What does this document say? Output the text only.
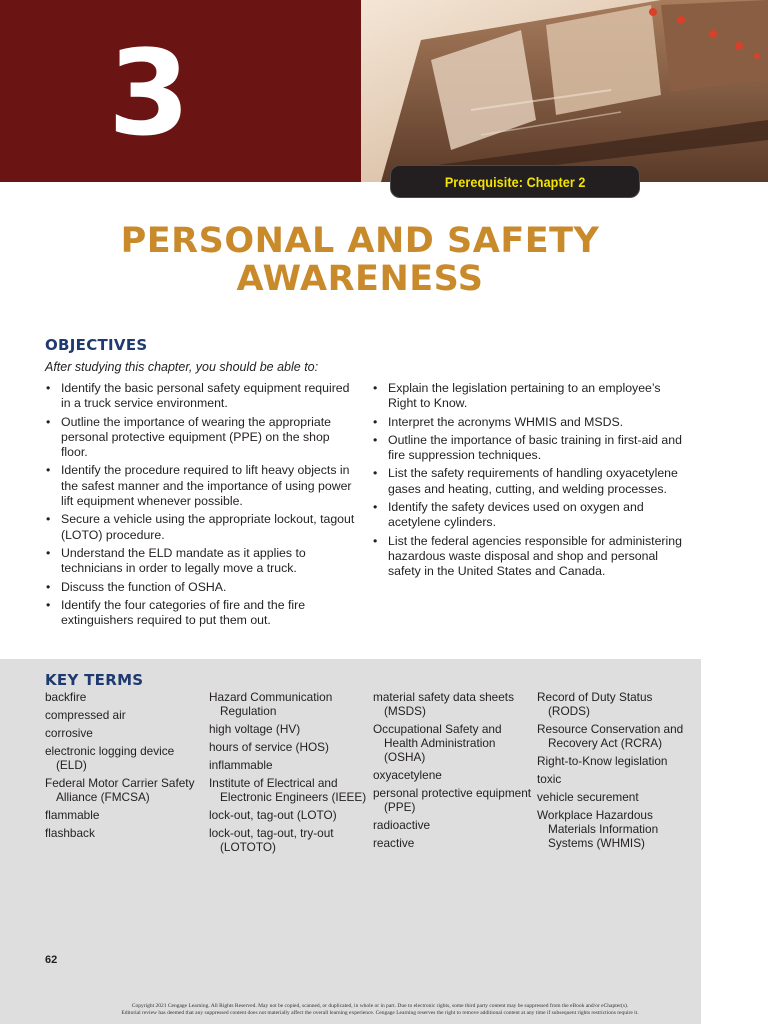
3
Prerequisite: Chapter 2
PERSONAL AND SAFETY
AWARENESS
OBJECTIVES
After studying this chapter, you should be able to:
• Identify the basic personal safety equipment required in a truck service environment.
• Outline the importance of wearing the appropriate personal protective equipment (PPE) on the shop floor.
• Identify the procedure required to lift heavy objects in the safest manner and the importance of using power lift equipment whenever possible.
• Secure a vehicle using the appropriate lockout, tagout (LOTO) procedure.
• Understand the ELD mandate as it applies to technicians in order to legally move a truck.
• Discuss the function of OSHA.
• Identify the four categories of fire and the fire extinguishers required to put them out.
• Explain the legislation pertaining to an employee’s Right to Know.
• Interpret the acronyms WHMIS and MSDS.
• Outline the importance of basic training in first-aid and fire suppression techniques.
• List the safety requirements of handling oxyacetylene gases and heating, cutting, and welding processes.
• Identify the safety devices used on oxygen and acetylene cylinders.
• List the federal agencies responsible for administering hazardous waste disposal and shop and personal safety in the United States and Canada.
KEY TERMS
backfire
compressed air
corrosive
electronic logging device (ELD)
Federal Motor Carrier Safety Alliance (FMCSA)
flammable
flashback
Hazard Communication Regulation
high voltage (HV)
hours of service (HOS)
inflammable
Institute of Electrical and Electronic Engineers (IEEE)
lock-out, tag-out (LOTO)
lock-out, tag-out, try-out (LOTOTO)
material safety data sheets (MSDS)
Occupational Safety and Health Administration (OSHA)
oxyacetylene
personal protective equipment (PPE)
radioactive
reactive
Record of Duty Status (RODS)
Resource Conservation and Recovery Act (RCRA)
Right-to-Know legislation
toxic
vehicle securement
Workplace Hazardous Materials Information Systems (WHMIS)
62
Copyright 2021 Cengage Learning. All Rights Reserved. May not be copied, scanned, or duplicated, in whole or in part. Due to electronic rights, some third party content may be suppressed from the eBook and/or eChapter(s).
Editorial review has deemed that any suppressed content does not materially affect the overall learning experience. Cengage Learning reserves the right to remove additional content at any time if subsequent rights restrictions require it.
